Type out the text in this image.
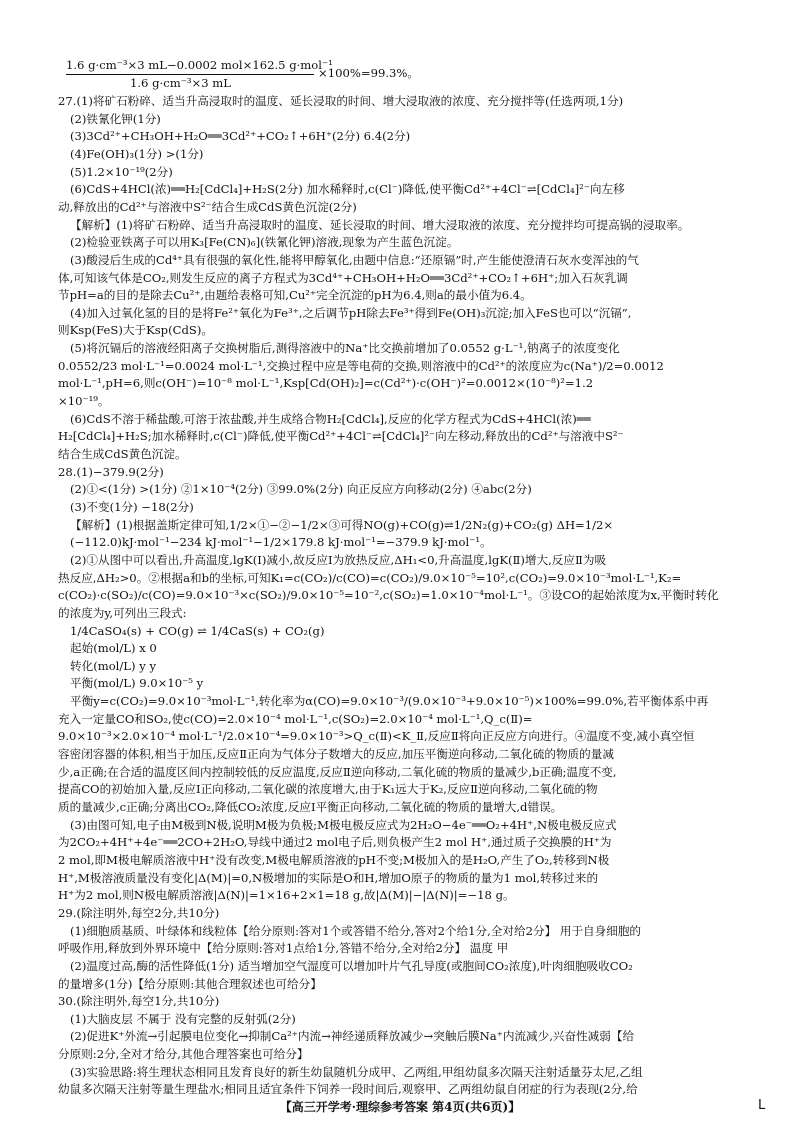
1.6 g·cm⁻³×3 mL−0.0002 mol×162.5 g·mol⁻¹
1.6 g·cm⁻³×3 mL
×100%=99.3%。
27.(1)将矿石粉碎、适当升高浸取时的温度、延长浸取的时间、增大浸取液的浓度、充分搅拌等(任选两项,1分)
(2)铁氰化钾(1分)
(3)3Cd²⁺+CH₃OH+H₂O══3Cd²⁺+CO₂↑+6H⁺(2分) 6.4(2分)
(4)Fe(OH)₃(1分) >(1分)
(5)1.2×10⁻¹⁹(2分)
(6)CdS+4HCl(浓)══H₂[CdCl₄]+H₂S(2分) 加水稀释时,c(Cl⁻)降低,使平衡Cd²⁺+4Cl⁻⇌[CdCl₄]²⁻向左移
动,释放出的Cd²⁺与溶液中S²⁻结合生成CdS黄色沉淀(2分)
【解析】(1)将矿石粉碎、适当升高浸取时的温度、延长浸取的时间、增大浸取液的浓度、充分搅拌均可提高锅的浸取率。
(2)检验亚铁离子可以用K₃[Fe(CN)₆](铁氰化钾)溶液,现象为产生蓝色沉淀。
(3)酸浸后生成的Cd⁴⁺具有很强的氧化性,能将甲醇氧化,由题中信息:“还原镉”时,产生能使澄清石灰水变浑浊的气
体,可知该气体是CO₂,则发生反应的离子方程式为3Cd⁴⁺+CH₃OH+H₂O══3Cd²⁺+CO₂↑+6H⁺;加入石灰乳调
节pH=a的目的是除去Cu²⁺,由题给表格可知,Cu²⁺完全沉淀的pH为6.4,则a的最小值为6.4。
(4)加入过氧化氢的目的是将Fe²⁺氧化为Fe³⁺,之后调节pH除去Fe³⁺得到Fe(OH)₃沉淀;加入FeS也可以“沉镉”,
则Ksp(FeS)大于Ksp(CdS)。
(5)将沉镉后的溶液经阳离子交换树脂后,测得溶液中的Na⁺比交换前增加了0.0552 g·L⁻¹,钠离子的浓度变化
0.0552/23 mol·L⁻¹=0.0024 mol·L⁻¹,交换过程中应是等电荷的交换,则溶液中的Cd²⁺的浓度应为c(Na⁺)/2=0.0012
mol·L⁻¹,pH=6,则c(OH⁻)=10⁻⁸ mol·L⁻¹,Ksp[Cd(OH)₂]=c(Cd²⁺)·c(OH⁻)²=0.0012×(10⁻⁸)²=1.2
×10⁻¹⁹。
(6)CdS不溶于稀盐酸,可溶于浓盐酸,并生成络合物H₂[CdCl₄],反应的化学方程式为CdS+4HCl(浓)══
H₂[CdCl₄]+H₂S;加水稀释时,c(Cl⁻)降低,使平衡Cd²⁺+4Cl⁻⇌[CdCl₄]²⁻向左移动,释放出的Cd²⁺与溶液中S²⁻
结合生成CdS黄色沉淀。
28.(1)−379.9(2分)
(2)①<(1分) >(1分) ②1×10⁻⁴(2分) ③99.0%(2分) 向正反应方向移动(2分) ④abc(2分)
(3)不变(1分) −18(2分)
【解析】(1)根据盖斯定律可知,1/2×①−②−1/2×③可得NO(g)+CO(g)⇌1/2N₂(g)+CO₂(g) ΔH=1/2×
(−112.0)kJ·mol⁻¹−234 kJ·mol⁻¹−1/2×179.8 kJ·mol⁻¹=−379.9 kJ·mol⁻¹。
(2)①从图中可以看出,升高温度,lgK(Ⅰ)减小,故反应Ⅰ为放热反应,ΔH₁<0,升高温度,lgK(Ⅱ)增大,反应Ⅱ为吸
热反应,ΔH₂>0。②根据a和b的坐标,可知K₁=c(CO₂)/c(CO)=c(CO₂)/9.0×10⁻⁵=10²,c(CO₂)=9.0×10⁻³mol·L⁻¹,K₂=
c(CO₂)·c(SO₂)/c(CO)=9.0×10⁻³×c(SO₂)/9.0×10⁻⁵=10⁻²,c(SO₂)=1.0×10⁻⁴mol·L⁻¹。③设CO的起始浓度为x,平衡时转化
的浓度为y,可列出三段式:
1/4CaSO₄(s) + CO(g) ⇌ 1/4CaS(s) + CO₂(g)
起始(mol/L) x 0
转化(mol/L) y y
平衡(mol/L) 9.0×10⁻⁵ y
平衡y=c(CO₂)=9.0×10⁻³mol·L⁻¹,转化率为α(CO)=9.0×10⁻³/(9.0×10⁻³+9.0×10⁻⁵)×100%=99.0%,若平衡体系中再
充入一定量CO和SO₂,使c(CO)=2.0×10⁻⁴ mol·L⁻¹,c(SO₂)=2.0×10⁻⁴ mol·L⁻¹,Q_c(Ⅱ)=
9.0×10⁻³×2.0×10⁻⁴ mol·L⁻¹/2.0×10⁻⁴=9.0×10⁻³>Q_c(Ⅱ)<K_Ⅱ,反应Ⅱ将向正反应方向进行。④温度不变,减小真空恒
容密闭容器的体积,相当于加压,反应Ⅱ正向为气体分子数增大的反应,加压平衡逆向移动,二氧化硫的物质的量减
少,a正确;在合适的温度区间内控制较低的反应温度,反应Ⅱ逆向移动,二氧化硫的物质的量减少,b正确;温度不变,
提高CO的初始加入量,反应Ⅰ正向移动,二氧化碳的浓度增大,由于K₁远大于K₂,反应Ⅱ逆向移动,二氧化硫的物
质的量减少,c正确;分离出CO₂,降低CO₂浓度,反应Ⅰ平衡正向移动,二氧化硫的物质的量增大,d错误。
(3)由图可知,电子由M极到N极,说明M极为负极;M极电极反应式为2H₂O−4e⁻══O₂+4H⁺,N极电极反应式
为2CO₂+4H⁺+4e⁻══2CO+2H₂O,导线中通过2 mol电子后,则负极产生2 mol H⁺,通过质子交换膜的H⁺为
2 mol,即M极电解质溶液中H⁺没有改变,M极电解质溶液的pH不变;M极加入的是H₂O,产生了O₂,转移到N极
H⁺,M极溶液质量没有变化|Δ(M)|=0,N极增加的实际是O和H,增加O原子的物质的量为1 mol,转移过来的
H⁺为2 mol,则N极电解质溶液|Δ(N)|=1×16+2×1=18 g,故|Δ(M)|−|Δ(N)|=−18 g。
29.(除注明外,每空2分,共10分)
(1)细胞质基质、叶绿体和线粒体【给分原则:答对1个或答错不给分,答对2个给1分,全对给2分】 用于自身细胞的
呼吸作用,释放到外界环境中【给分原则:答对1点给1分,答错不给分,全对给2分】 温度 甲
(2)温度过高,酶的活性降低(1分) 适当增加空气湿度可以增加叶片气孔导度(或胞间CO₂浓度),叶肉细胞吸收CO₂
的量增多(1分)【给分原则:其他合理叙述也可给分】
30.(除注明外,每空1分,共10分)
(1)大脑皮层 不属于 没有完整的反射弧(2分)
(2)促进K⁺外流→引起膜电位变化→抑制Ca²⁺内流→神经递质释放减少→突触后膜Na⁺内流减少,兴奋性减弱【给
分原则:2分,全对才给分,其他合理答案也可给分】
(3)实验思路:将生理状态相同且发育良好的新生幼鼠随机分成甲、乙两组,甲组幼鼠多次隔天注射适量芬太尼,乙组
幼鼠多次隔天注射等量生理盐水;相同且适宜条件下饲养一段时间后,观察甲、乙两组幼鼠自闭症的行为表现(2分,给
【高三开学考·理综参考答案 第4页(共6页)】	L
